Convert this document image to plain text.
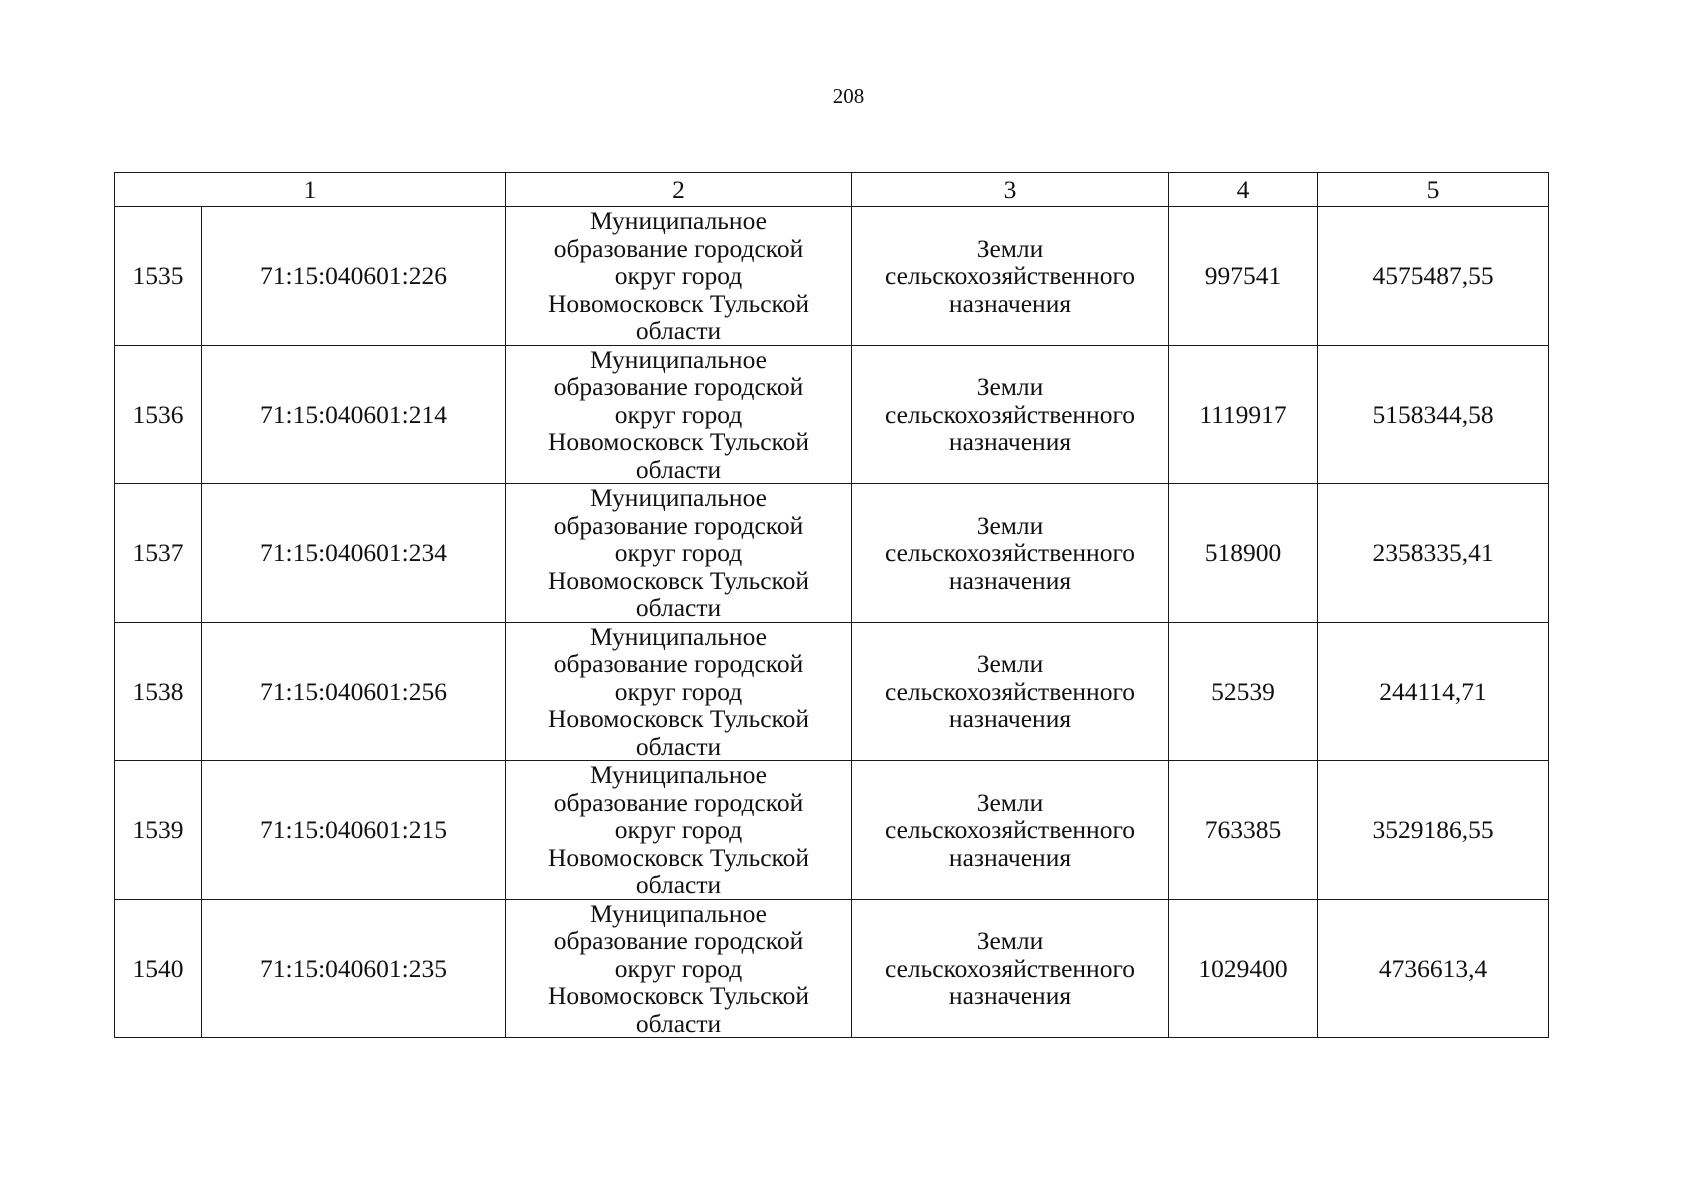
208
1		2	3	4	5
1535	71:15:040601:226	Муниципальное
образование городской
округ город
Новомосковск Тульской
области	Земли
сельскохозяйственного
назначения	997541	4575487,55
1536	71:15:040601:214	Муниципальное
образование городской
округ город
Новомосковск Тульской
области	Земли
сельскохозяйственного
назначения	1119917	5158344,58
1537	71:15:040601:234	Муниципальное
образование городской
округ город
Новомосковск Тульской
области	Земли
сельскохозяйственного
назначения	518900	2358335,41
1538	71:15:040601:256	Муниципальное
образование городской
округ город
Новомосковск Тульской
области	Земли
сельскохозяйственного
назначения	52539	244114,71
1539	71:15:040601:215	Муниципальное
образование городской
округ город
Новомосковск Тульской
области	Земли
сельскохозяйственного
назначения	763385	3529186,55
1540	71:15:040601:235	Муниципальное
образование городской
округ город
Новомосковск Тульской
области	Земли
сельскохозяйственного
назначения	1029400	4736613,4
